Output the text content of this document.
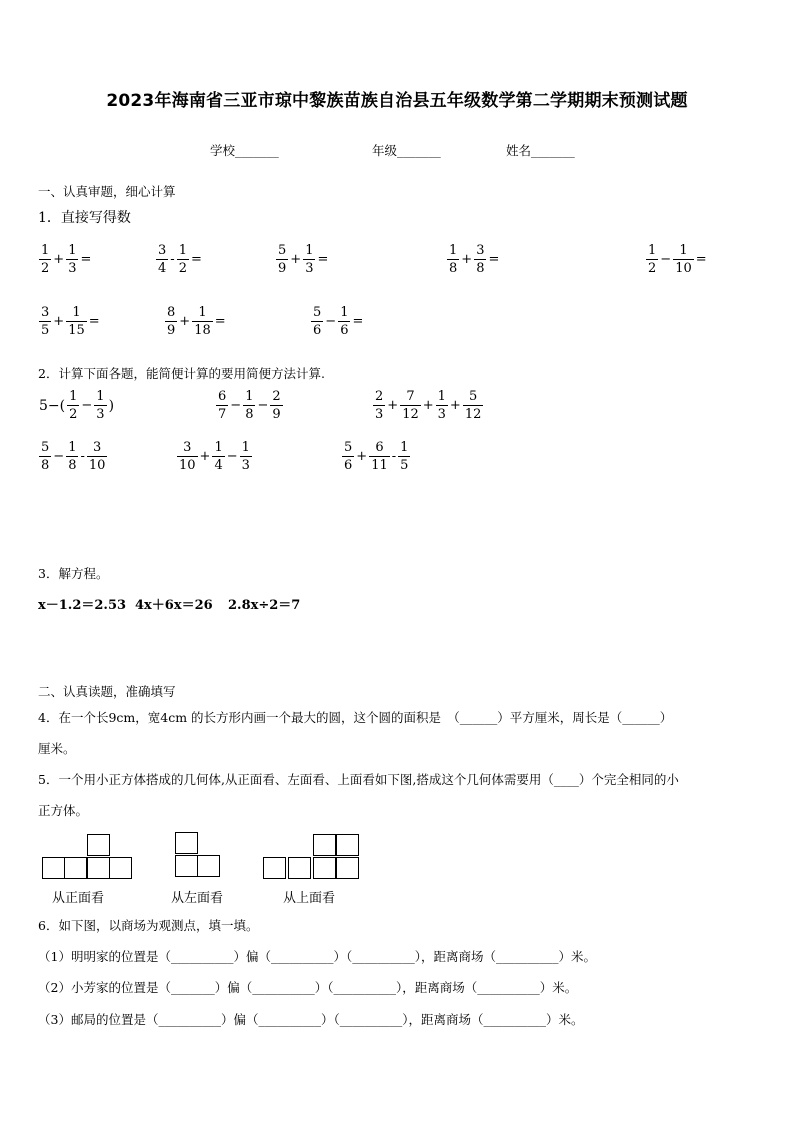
2023年海南省三亚市琼中黎族苗族自治县五年级数学第二学期期末预测试题
学校_______	年级_______	姓名_______
一、认真审题，细心计算
1．直接写得数
$\frac{1}{2} + \frac{1}{3}$ =	$\frac{3}{4} - \frac{1}{2}$ =	$\frac{5}{9} + \frac{1}{3}$ =	$\frac{1}{8} + \frac{3}{8}$ =	$\frac{1}{2} - \frac{1}{10}$ =
$\frac{3}{5} + \frac{1}{15}$ =	$\frac{8}{9} + \frac{1}{18}$ =	$\frac{5}{6} - \frac{1}{6}$ =
2．计算下面各题，能简便计算的要用简便方法计算.
$5-( \frac{1}{2} - \frac{1}{3}$ )	$\frac{6}{7} - \frac{1}{8} - \frac{2}{9}$	$\frac{2}{3} + \frac{7}{12} + \frac{1}{3} + \frac{5}{12}$
$\frac{5}{8} - \frac{1}{8} - \frac{3}{10}$	$\frac{3}{10} + \frac{1}{4} - \frac{1}{3}$	$\frac{5}{6} + \frac{6}{11} - \frac{1}{5}$
3．解方程。
x－1.2＝2.53 4x＋6x＝26 2.8x÷2＝7
二、认真读题，准确填写
4．在一个长9cm，宽4cm 的长方形内画一个最大的圆，这个圆的面积是　（______）平方厘米，周长是（______）
厘米。
5．一个用小正方体搭成的几何体,从正面看、左面看、上面看如下图,搭成这个几何体需要用（____）个完全相同的小
正方体。
从正面看	从左面看	从上面看
6．如下图，以商场为观测点，填一填。
（1）明明家的位置是（__________）偏（__________）（__________），距离商场（__________）米。
（2）小芳家的位置是（_______）偏（__________）（__________），距离商场（__________）米。
（3）邮局的位置是（__________）偏（__________）（__________），距离商场（__________）米。
